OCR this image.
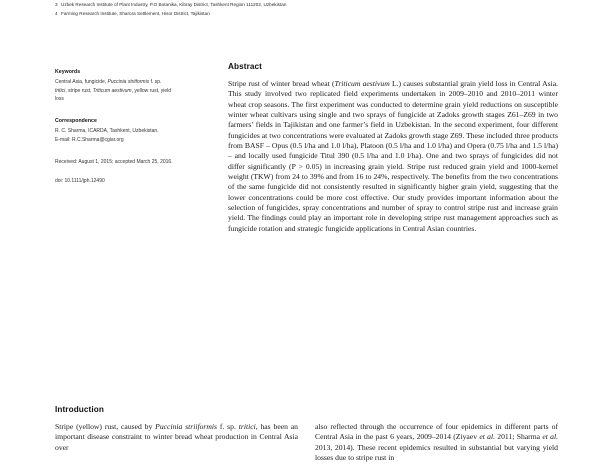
3 Uzbek Research Institute of Plant Industry, P.O Botanika, Kibray District, Tashkent Region 111202, Uzbekistan
4 Farming Research Institute, Sharora Settlement, Hisor District, Tajikistan
Keywords
Central Asia, fungicide, Puccinia striiformis f. sp. tritici, stripe rust, Triticum aestivum, yellow rust, yield loss
Correspondence
R. C. Sharma, ICARDA, Tashkent, Uzbekistan.
E-mail: R.C.Sharma@cgiar.org
Received: August 1, 2015; accepted March 25, 2016.
doi: 10.1111/jph.12490
Abstract
Stripe rust of winter bread wheat (Triticum aestivum L.) causes substantial grain yield loss in Central Asia. This study involved two replicated field experiments undertaken in 2009–2010 and 2010–2011 winter wheat crop seasons. The first experiment was conducted to determine grain yield reductions on susceptible winter wheat cultivars using single and two sprays of fungicide at Zadoks growth stages Z61–Z69 in two farmers’ fields in Tajikistan and one farmer’s field in Uzbekistan. In the second experiment, four different fungicides at two concentrations were evaluated at Zadoks growth stage Z69. These included three products from BASF – Opus (0.5 l/ha and 1.0 l/ha), Platoon (0.5 l/ha and 1.0 l/ha) and Opera (0.75 l/ha and 1.5 l/ha) – and locally used fungicide Titul 390 (0.5 l/ha and 1.0 l/ha). One and two sprays of fungicides did not differ significantly (P > 0.05) in increasing grain yield. Stripe rust reduced grain yield and 1000-kernel weight (TKW) from 24 to 39% and from 16 to 24%, respectively. The benefits from the two concentrations of the same fungicide did not consistently resulted in significantly higher grain yield, suggesting that the lower concentrations could be more cost effective. Our study provides important information about the selection of fungicides, spray concentrations and number of spray to control stripe rust and increase grain yield. The findings could play an important role in developing stripe rust management approaches such as fungicide rotation and strategic fungicide applications in Central Asian countries.
Introduction
Stripe (yellow) rust, caused by Puccinia striiformis f. sp. tritici, has been an important disease constraint to winter bread wheat production in Central Asia over
also reflected through the occurrence of four epidemics in different parts of Central Asia in the past 6 years, 2009–2014 (Ziyaev et al. 2011; Sharma et al. 2013, 2014). These recent epidemics resulted in substantial but varying yield losses due to stripe rust in
